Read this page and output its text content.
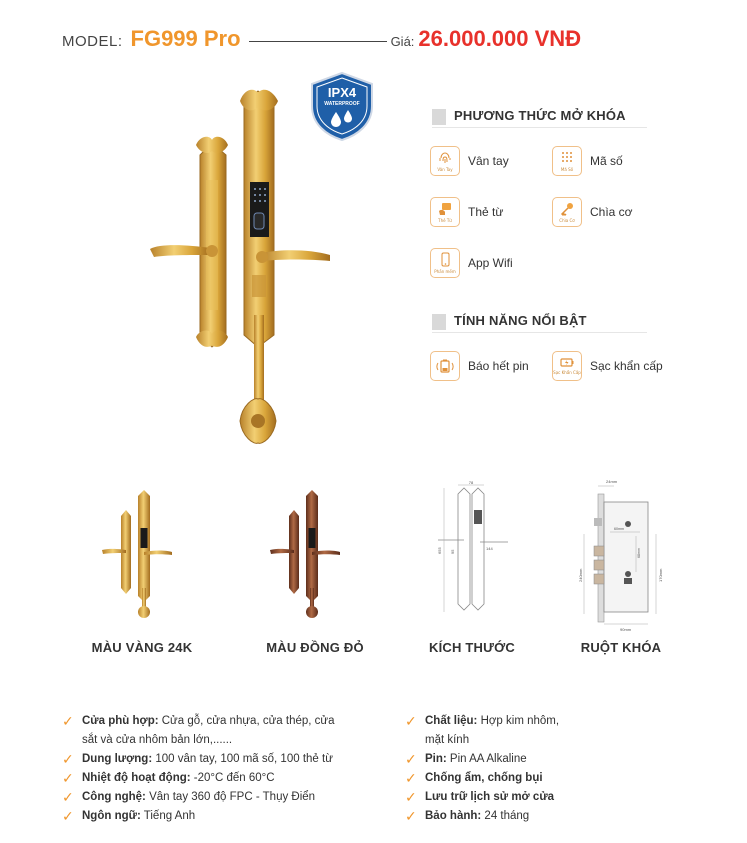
MODEL: FG999 Pro	Giá: 26.000.000 VNĐ
IPX4
WATERPROOF
PHƯƠNG THỨC MỞ KHÓA
Vân Tay
Vân tay
Mã Số
Mã số
Thẻ Từ
Thẻ từ
Chìa Cơ
Chìa cơ
Phần mềm
App Wifi
TÍNH NĂNG NỔI BẬT
Báo hết pin	Sạc Khẩn Cấp Sạc khẩn cấp
MÀU VÀNG 24K	MÀU ĐỒNG ĐỎ
78
655 95
144
KÍCH THƯỚC
24mm
60mm
68mm
240mm	170mm
90mm
RUỘT KHÓA
✓ Cửa phù hợp: Cửa gỗ, cửa nhựa, cửa thép, cửa
sắt và cửa nhôm bản lớn,......
✓ Dung lượng: 100 vân tay, 100 mã số, 100 thẻ từ
✓ Nhiệt độ hoạt động: -20°C đến 60°C
✓ Công nghệ: Vân tay 360 độ FPC - Thụy Điển
✓ Ngôn ngữ: Tiếng Anh
✓ Chất liệu: Hợp kim nhôm,
mặt kính
✓ Pin: Pin AA Alkaline
✓ Chống ẩm, chống bụi
✓ Lưu trữ lịch sử mở cửa
✓ Bảo hành: 24 tháng
